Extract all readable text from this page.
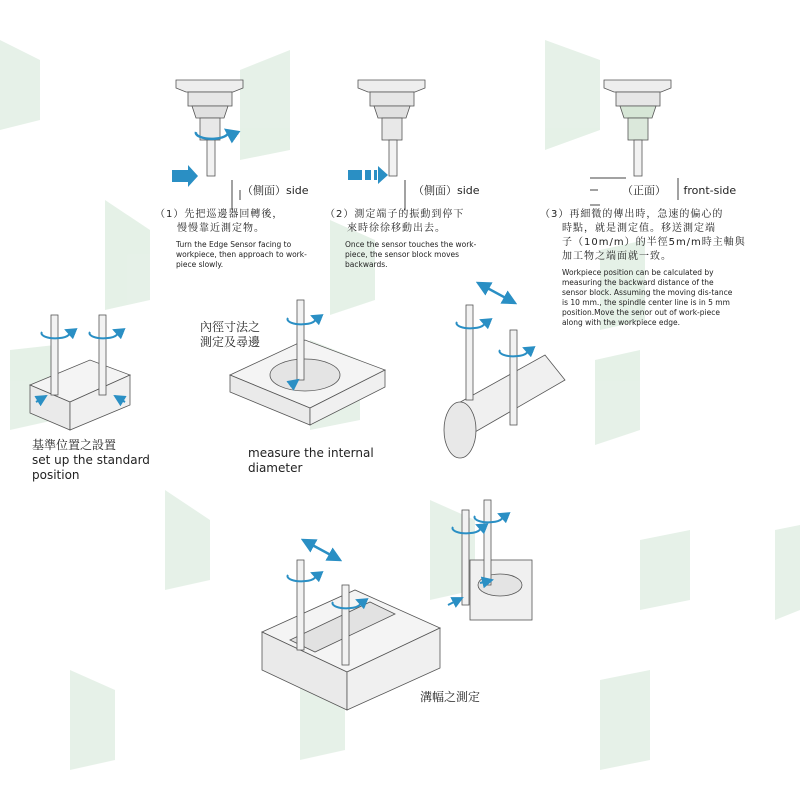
（側面）side
（1）先把巡邊器回轉後，
慢慢靠近測定物。
Turn the Edge Sensor facing to workpiece, then approach to work-piece slowly.
（側面）side
（2）測定端子的振動到停下
來時徐徐移動出去。
Once the sensor touches the work-piece, the sensor block moves backwards.
（正面） front-side
（3）再細微的傳出時，急速的偏心的
時點，就是測定值。移送測定端
子（10m/m）的半徑5m/m時主軸與
加工物之端面就一致。
Workpiece position can be calculated by measuring the backward distance of the sensor block. Assuming the moving dis-tance is 10 mm., the spindle center line is in 5 mm position.Move the senor out of work-piece along with the workpiece edge.
基準位置之設置
set up the standard
position
內徑寸法之
測定及尋邊
measure the internal
diameter
溝幅之測定
